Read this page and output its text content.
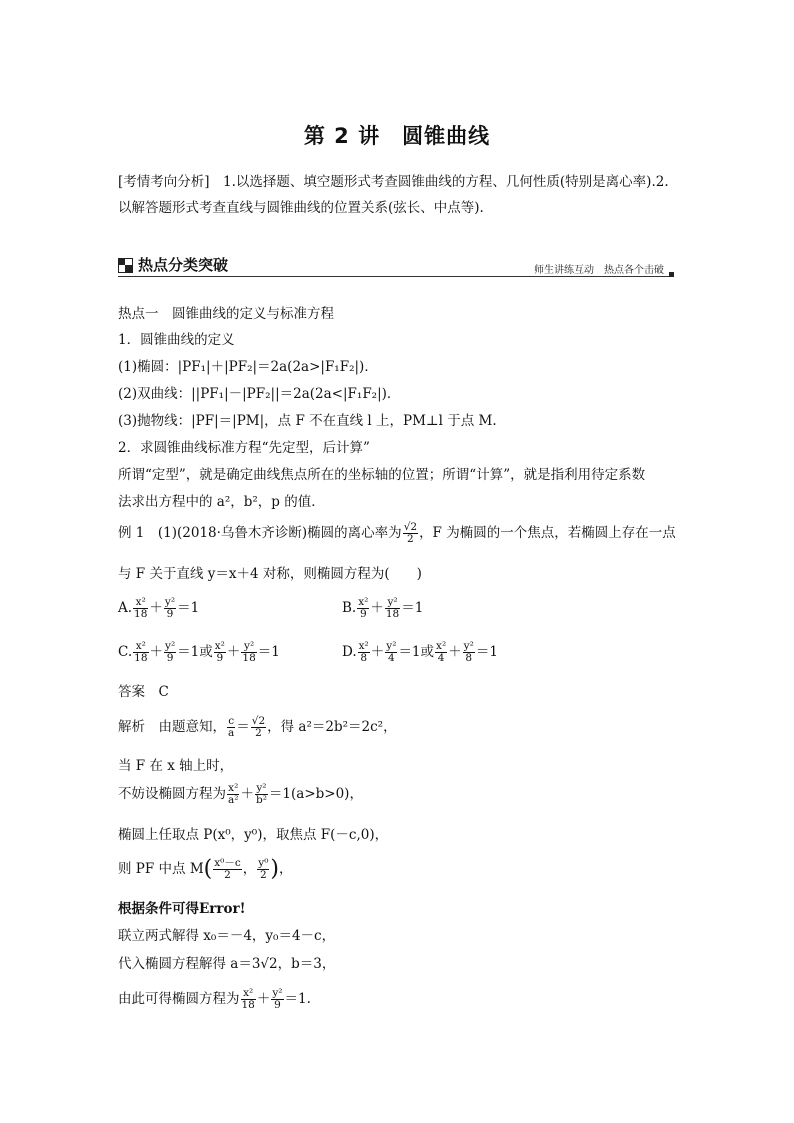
第 2 讲　圆锥曲线
[考情考向分析]　1.以选择题、填空题形式考查圆锥曲线的方程、几何性质(特别是离心率).2.
以解答题形式考查直线与圆锥曲线的位置关系(弦长、中点等).
热点分类突破	师生讲练互动　热点各个击破
热点一　圆锥曲线的定义与标准方程
1．圆锥曲线的定义
(1)椭圆：|PF₁|＋|PF₂|＝2a(2a>|F₁F₂|)．
(2)双曲线：||PF₁|－|PF₂||＝2a(2a<|F₁F₂|)．
(3)抛物线：|PF|＝|PM|，点 F 不在直线 l 上，PM⊥l 于点 M.
2．求圆锥曲线标准方程“先定型，后计算”
所谓“定型”，就是确定曲线焦点所在的坐标轴的位置；所谓“计算”，就是指利用待定系数
法求出方程中的 a²，b²，p 的值．
例 1　(1)(2018·乌鲁木齐诊断)椭圆的离心率为 $\frac{√2}{2}$ ，F 为椭圆的一个焦点，若椭圆上存在一点
与 F 关于直线 y＝x＋4 对称，则椭圆方程为(　　)
A. $\frac{\text{x²}}{18} + \frac{\text{y²}}{9} =1$	B. $\frac{\text{x²}}{9} + \frac{\text{y²}}{18} =1$
C. $\frac{\text{x²}}{18} + \frac{\text{y²}}{9} =1$或 $\frac{\text{x²}}{9} + \frac{\text{y²}}{18} =1$	D. $\frac{\text{x²}}{8} + \frac{\text{y²}}{4} =1$或 $\frac{\text{x²}}{4} + \frac{\text{y²}}{8} =1$
答案　C
解析　由题意知， $\frac{c}{a} = \frac{√2}{2}$ ，得 a²＝2b²＝2c²，
当 F 在 x 轴上时，
不妨设椭圆方程为 $\frac{\text{x²}}{\text{a²}} + \frac{\text{y²}}{\text{b²}} =1(a>b>0)$，
椭圆上任取点 P(x⁰，y⁰)，取焦点 F(－c,0)，
则 PF 中点 $M( \frac{\text{x⁰－c}}{2}$ ， $\frac{\text{y⁰}}{2}$ )，
根据条件可得Error!
联立两式解得 x₀＝－4，y₀＝4－c，
代入椭圆方程解得 a＝3√2，b＝3，
由此可得椭圆方程为 $\frac{\text{x²}}{18} + \frac{\text{y²}}{9} =1$.
